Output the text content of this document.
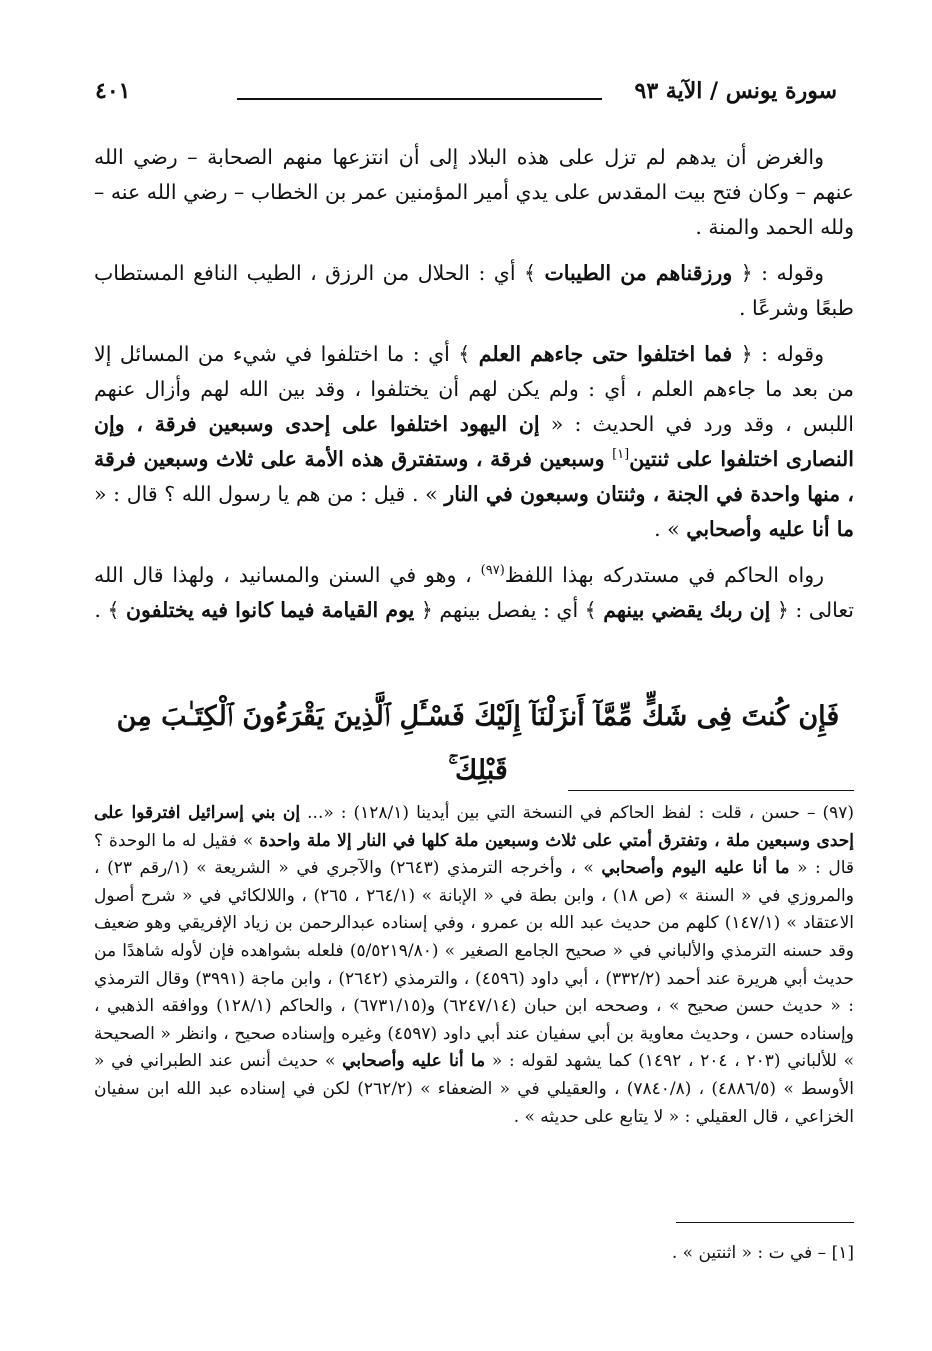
سورة يونس / الآية ٩٣
٤٠١

والغرض أن يدهم لم تزل على هذه البلاد إلى أن انتزعها منهم الصحابة – رضي الله عنهم – وكان فتح بيت المقدس على يدي أمير المؤمنين عمر بن الخطاب – رضي الله عنه – ولله الحمد والمنة .

وقوله : ﴿ ورزقناهم من الطيبات ﴾ أي : الحلال من الرزق ، الطيب النافع المستطاب طبعًا وشرعًا .

وقوله : ﴿ فما اختلفوا حتى جاءهم العلم ﴾ أي : ما اختلفوا في شيء من المسائل إلا من بعد ما جاءهم العلم ، أي : ولم يكن لهم أن يختلفوا ، وقد بين الله لهم وأزال عنهم اللبس ، وقد ورد في الحديث : « إن اليهود اختلفوا على إحدى وسبعين فرقة ، وإن النصارى اختلفوا على ثنتين[١] وسبعين فرقة ، وستفترق هذه الأمة على ثلاث وسبعين فرقة ، منها واحدة في الجنة ، وثنتان وسبعون في النار » . قيل : من هم يا رسول الله ؟ قال : « ما أنا عليه وأصحابي » .

رواه الحاكم في مستدركه بهذا اللفظ$^{(٩٧)}$ ، وهو في السنن والمسانيد ، ولهذا قال الله تعالى : ﴿ إن ربك يقضي بينهم ﴾ أي : يفصل بينهم ﴿ يوم القيامة فيما كانوا فيه يختلفون ﴾ .

فَإِن كُنتَ فِى شَكٍّ مِّمَّآ أَنزَلْنَآ إِلَيْكَ فَسْـَٔلِ ٱلَّذِينَ يَقْرَءُونَ ٱلْكِتَـٰبَ مِن قَبْلِكَ ۚ

(٩٧) – حسن ، قلت : لفظ الحاكم في النسخة التي بين أيدينا (١٢٨/١) : «... إن بني إسرائيل افترقوا على إحدى وسبعين ملة ، وتفترق أمتي على ثلاث وسبعين ملة كلها في النار إلا ملة واحدة » فقيل له ما الوحدة ؟ قال : « ما أنا عليه اليوم وأصحابي » ، وأخرجه الترمذي (٢٦٤٣) والآجري في « الشريعة » (١/رقم ٢٣) ، والمروزي في « السنة » (ص ١٨) ، وابن بطة في « الإبانة » (٢٦٤/١ ، ٢٦٥) ، واللالكائي في « شرح أصول الاعتقاد » (١٤٧/١) كلهم من حديث عبد الله بن عمرو ، وفي إسناده عبدالرحمن بن زياد الإفريقي وهو ضعيف وقد حسنه الترمذي والألباني في « صحيح الجامع الصغير » (٥/٥٢١٩/٨٠) فلعله بشواهده فإن لأوله شاهدًا من حديث أبي هريرة عند أحمد (٣٣٢/٢) ، أبي داود (٤٥٩٦) ، والترمذي (٢٦٤٢) ، وابن ماجة (٣٩٩١) وقال الترمذي : « حديث حسن صحيح » ، وصححه ابن حبان (٦٢٤٧/١٤) و(٦٧٣١/١٥) ، والحاكم (١٢٨/١) ووافقه الذهبي ، وإسناده حسن ، وحديث معاوية بن أبي سفيان عند أبي داود (٤٥٩٧) وغيره وإسناده صحيح ، وانظر « الصحيحة » للألباني (٢٠٣ ، ٢٠٤ ، ١٤٩٢) كما يشهد لقوله : « ما أنا عليه وأصحابي » حديث أنس عند الطبراني في « الأوسط » (٤٨٨٦/٥) ، (٧٨٤٠/٨) ، والعقيلي في « الضعفاء » (٢٦٢/٢) لكن في إسناده عبد الله ابن سفيان الخزاعي ، قال العقيلي : « لا يتابع على حديثه » .

[١] – في ت : « اثنتين » .
